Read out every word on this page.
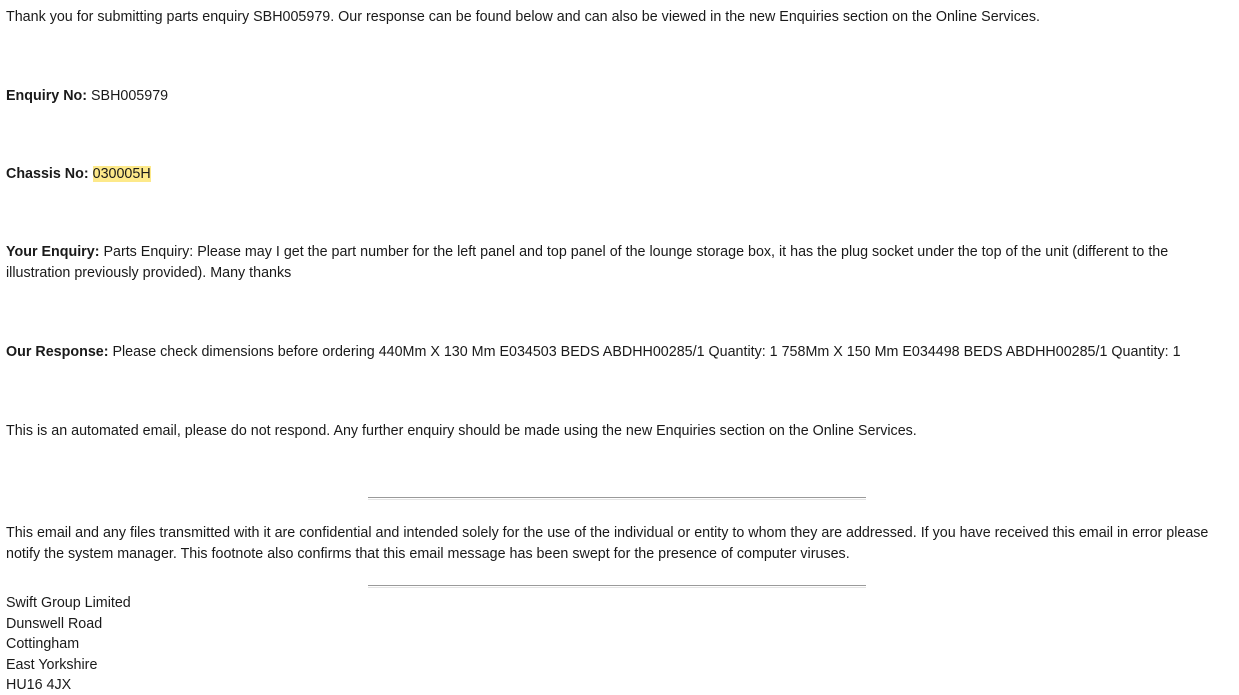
Thank you for submitting parts enquiry SBH005979. Our response can be found below and can also be viewed in the new Enquiries section on the Online Services.
Enquiry No: SBH005979
Chassis No: 030005H
Your Enquiry: Parts Enquiry: Please may I get the part number for the left panel and top panel of the lounge storage box, it has the plug socket under the top of the unit (different to the illustration previously provided). Many thanks
Our Response: Please check dimensions before ordering 440Mm X 130 Mm E034503 BEDS ABDHH00285/1 Quantity: 1 758Mm X 150 Mm E034498 BEDS ABDHH00285/1 Quantity: 1
This is an automated email, please do not respond. Any further enquiry should be made using the new Enquiries section on the Online Services.
This email and any files transmitted with it are confidential and intended solely for the use of the individual or entity to whom they are addressed. If you have received this email in error please notify the system manager. This footnote also confirms that this email message has been swept for the presence of computer viruses.
Swift Group Limited
Dunswell Road
Cottingham
East Yorkshire
HU16 4JX
